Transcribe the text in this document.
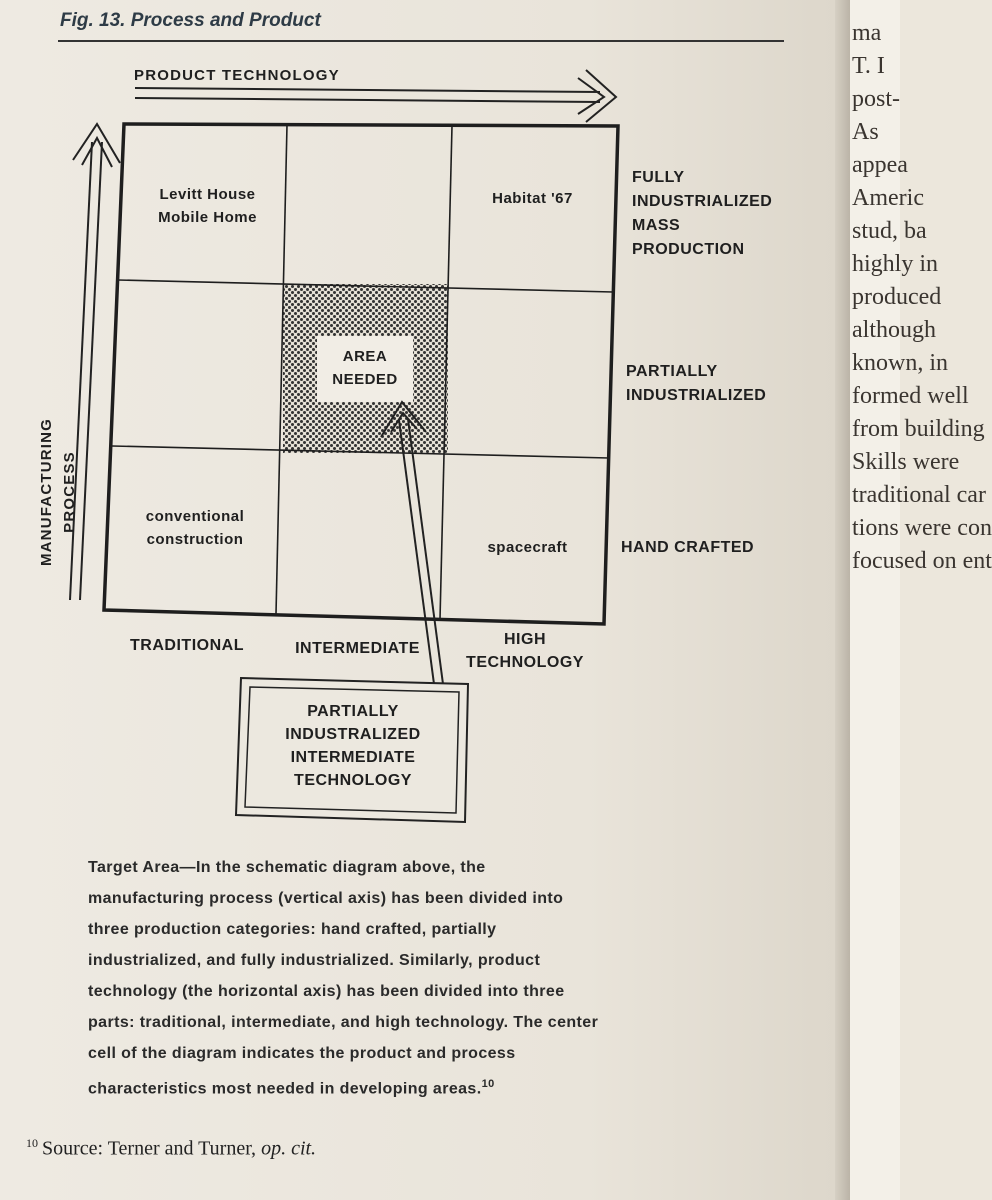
ma
T. I
post-
As
appea
Americ
stud, ba
highly in
produced
although
known, in
formed well
from building
Skills were
traditional car
tions were con
focused on ent
Fig. 13. Process and Product
PRODUCT TECHNOLOGY
MANUFACTURING PROCESS
Levitt House Mobile Home
Habitat '67
AREA NEEDED
conventional construction	spacecraft
FULLY INDUSTRIALIZED MASS PRODUCTION
PARTIALLY INDUSTRIALIZED
HAND CRAFTED
TRADITIONAL	INTERMEDIATE
HIGH TECHNOLOGY
PARTIALLY INDUSTRALIZED INTERMEDIATE TECHNOLOGY
Target Area—In the schematic diagram above, the manufacturing process (vertical axis) has been divided into three production categories: hand crafted, partially industrialized, and fully industrialized. Similarly, product technology (the horizontal axis) has been divided into three parts: traditional, intermediate, and high technology. The center cell of the diagram indicates the product and process characteristics most needed in developing areas.$^{10}$
$^{10}$ Source: Terner and Turner, op. cit.
